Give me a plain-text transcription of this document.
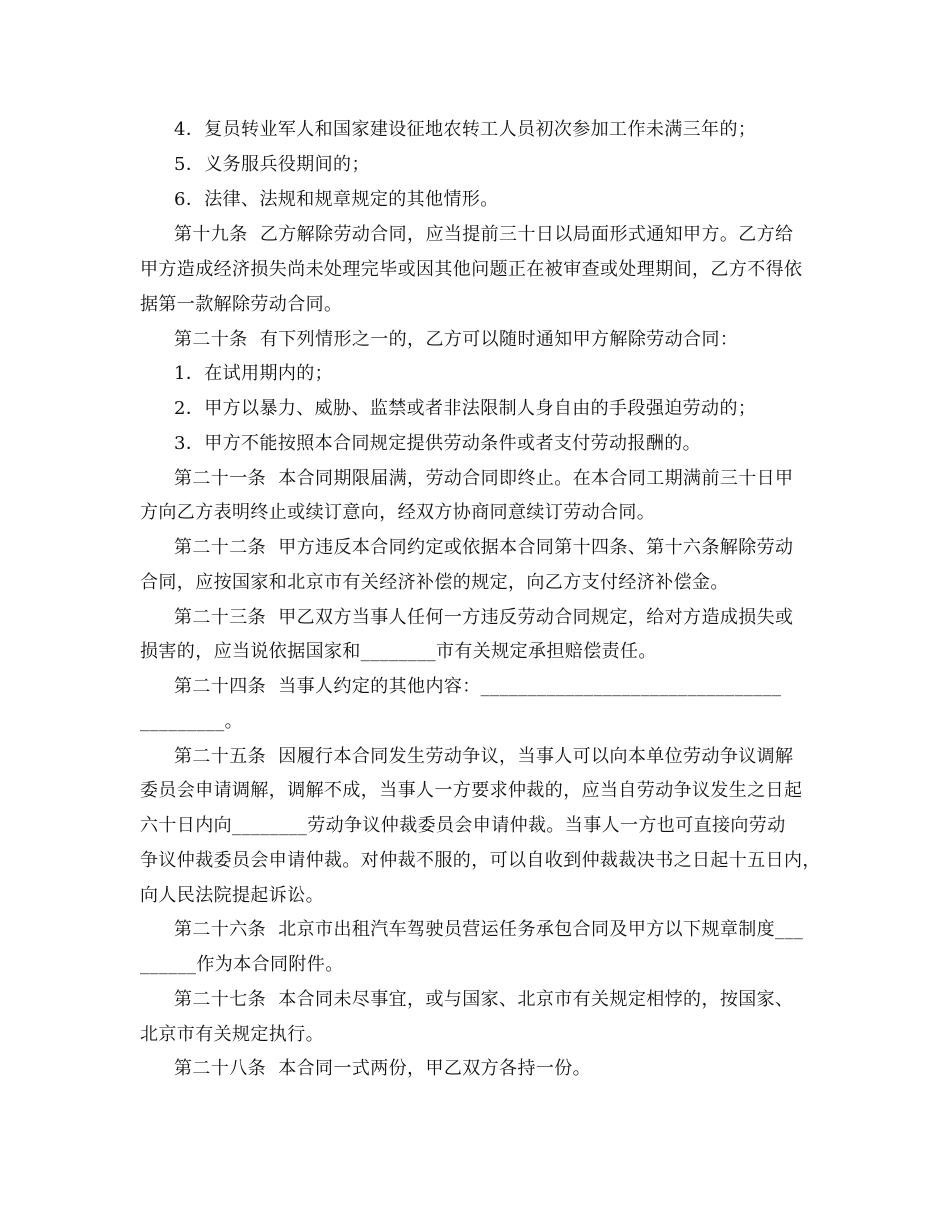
4．复员转业军人和国家建设征地农转工人员初次参加工作未满三年的；
5．义务服兵役期间的；
6．法律、法规和规章规定的其他情形。
第十九条  乙方解除劳动合同，应当提前三十日以局面形式通知甲方。乙方给
甲方造成经济损失尚未处理完毕或因其他问题正在被审查或处理期间，乙方不得依
据第一款解除劳动合同。
第二十条  有下列情形之一的，乙方可以随时通知甲方解除劳动合同：
1．在试用期内的；
2．甲方以暴力、威胁、监禁或者非法限制人身自由的手段强迫劳动的；
3．甲方不能按照本合同规定提供劳动条件或者支付劳动报酬的。
第二十一条  本合同期限届满，劳动合同即终止。在本合同工期满前三十日甲
方向乙方表明终止或续订意向，经双方协商同意续订劳动合同。
第二十二条  甲方违反本合同约定或依据本合同第十四条、第十六条解除劳动
合同，应按国家和北京市有关经济补偿的规定，向乙方支付经济补偿金。
第二十三条  甲乙双方当事人任何一方违反劳动合同规定，给对方造成损失或
损害的，应当说依据国家和________市有关规定承担赔偿责任。
第二十四条  当事人约定的其他内容：________________________________
_________。
第二十五条  因履行本合同发生劳动争议，当事人可以向本单位劳动争议调解
委员会申请调解，调解不成，当事人一方要求仲裁的，应当自劳动争议发生之日起
六十日内向________劳动争议仲裁委员会申请仲裁。当事人一方也可直接向劳动
争议仲裁委员会申请仲裁。对仲裁不服的，可以自收到仲裁裁决书之日起十五日内，
向人民法院提起诉讼。
第二十六条  北京市出租汽车驾驶员营运任务承包合同及甲方以下规章制度___
______作为本合同附件。
第二十七条  本合同未尽事宜，或与国家、北京市有关规定相悖的，按国家、
北京市有关规定执行。
第二十八条  本合同一式两份，甲乙双方各持一份。
